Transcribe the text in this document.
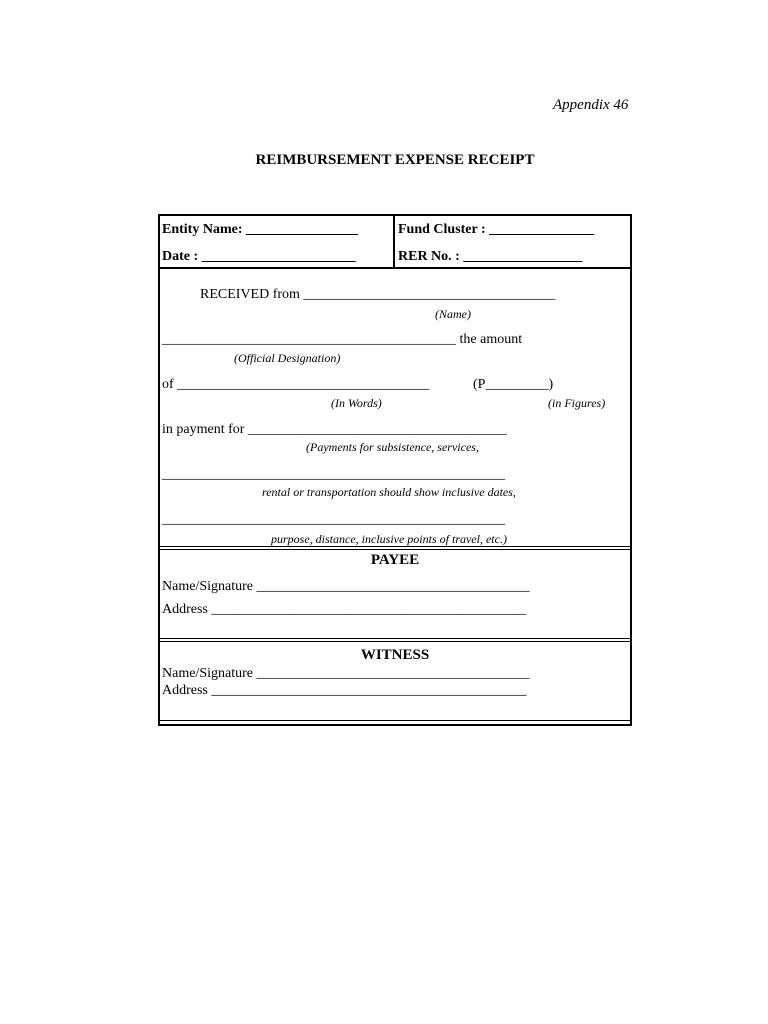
Appendix 46
REIMBURSEMENT EXPENSE RECEIPT
Entity Name: ________________
Date : ______________________
Fund Cluster : _______________
RER No. : _________________
RECEIVED from ____________________________________
(Name)
__________________________________________ the amount
(Official Designation)
of ____________________________________	(P_________)
(In Words)	(in Figures)
in payment for _____________________________________
(Payments for subsistence, services,
_________________________________________________
rental or transportation should show inclusive dates,
_________________________________________________
purpose, distance, inclusive points of travel, etc.)
PAYEE
Name/Signature _______________________________________
Address _____________________________________________
WITNESS
Name/Signature _______________________________________
Address _____________________________________________
